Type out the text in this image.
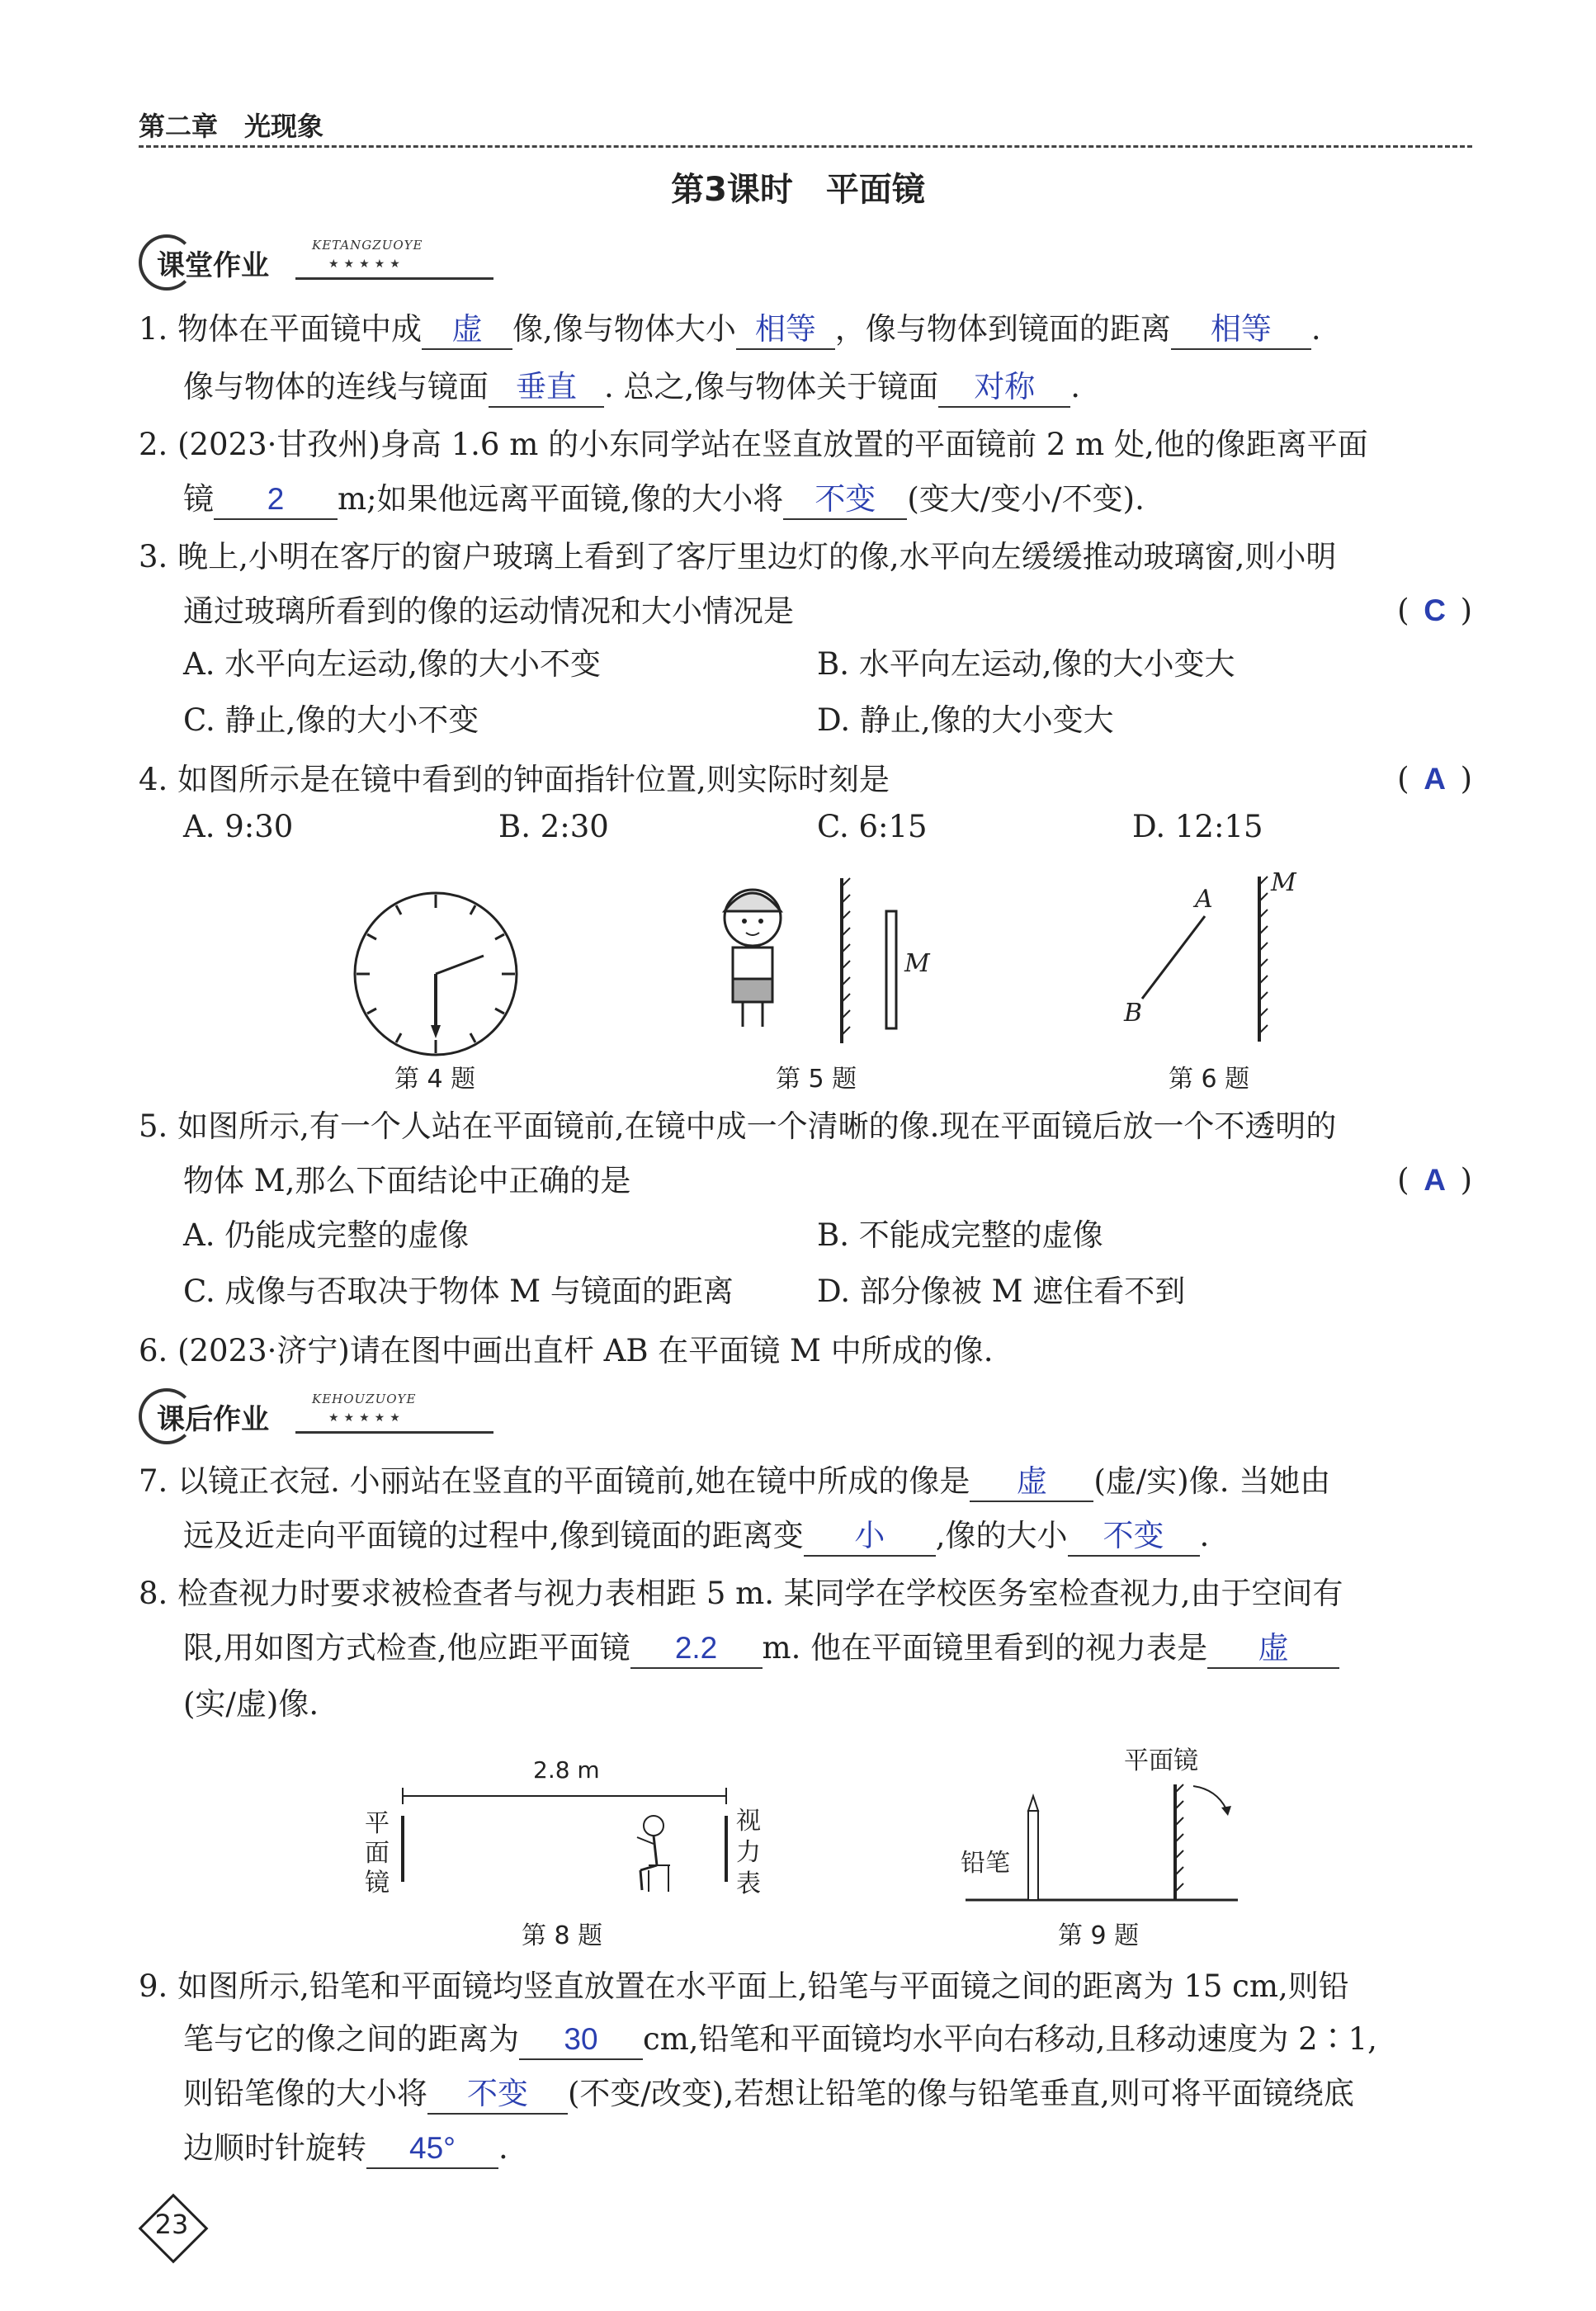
第二章　光现象
第3课时　平面镜
课堂作业
KETANGZUOYE
★★★★★
1. 物体在平面镜中成 虚 像,像与物体大小 相等 ，像与物体到镜面的距离 相等 .
像与物体的连线与镜面 垂直 . 总之,像与物体关于镜面 对称 .
2. (2023·甘孜州)身高 1.6 m 的小东同学站在竖直放置的平面镜前 2 m 处,他的像距离平面
镜 2 m;如果他远离平面镜,像的大小将 不变 (变大/变小/不变).
3. 晚上,小明在客厅的窗户玻璃上看到了客厅里边灯的像,水平向左缓缓推动玻璃窗,则小明
通过玻璃所看到的像的运动情况和大小情况是	( C )
A. 水平向左运动,像的大小不变	B. 水平向左运动,像的大小变大
C. 静止,像的大小不变	D. 静止,像的大小变大
4. 如图所示是在镜中看到的钟面指针位置,则实际时刻是	( A )
A. 9:30	B. 2:30	C. 6:15	D. 12:15
第 4 题
M
第 5 题
A
B
M
第 6 题
5. 如图所示,有一个人站在平面镜前,在镜中成一个清晰的像.现在平面镜后放一个不透明的
物体 M,那么下面结论中正确的是	( A )
A. 仍能成完整的虚像	B. 不能成完整的虚像
C. 成像与否取决于物体 M 与镜面的距离	D. 部分像被 M 遮住看不到
6. (2023·济宁)请在图中画出直杆 AB 在平面镜 M 中所成的像.
课后作业
KEHOUZUOYE
★★★★★
7. 以镜正衣冠. 小丽站在竖直的平面镜前,她在镜中所成的像是 虚 (虚/实)像. 当她由
远及近走向平面镜的过程中,像到镜面的距离变 小 ,像的大小 不变 .
8. 检查视力时要求被检查者与视力表相距 5 m. 某同学在学校医务室检查视力,由于空间有
限,用如图方式检查,他应距平面镜 2.2 m. 他在平面镜里看到的视力表是 虚
(实/虚)像.
2.8 m
平面镜
视力表
第 8 题
平面镜
铅笔
第 9 题
9. 如图所示,铅笔和平面镜均竖直放置在水平面上,铅笔与平面镜之间的距离为 15 cm,则铅
笔与它的像之间的距离为 30 cm,铅笔和平面镜均水平向右移动,且移动速度为 2∶1,
则铅笔像的大小将 不变 (不变/改变),若想让铅笔的像与铅笔垂直,则可将平面镜绕底
边顺时针旋转 45° .
23
